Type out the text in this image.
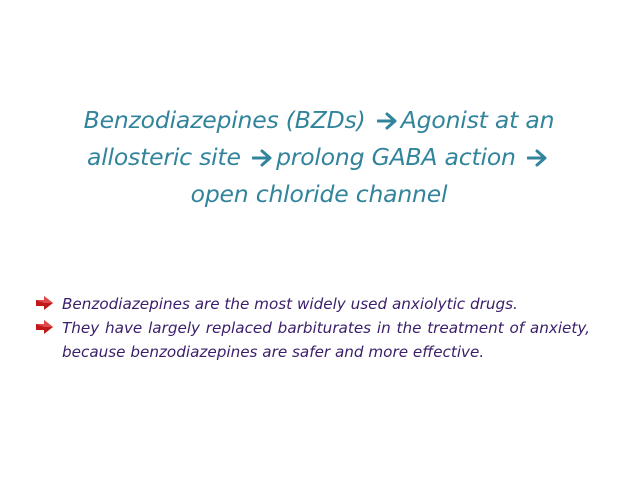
Benzodiazepines (BZDs) Agonist at an
allosteric site prolong GABA action
open chloride channel
Benzodiazepines are the most widely used anxiolytic drugs.
They have largely replaced barbiturates in the treatment of anxiety, because benzodiazepines are safer and more effective.
